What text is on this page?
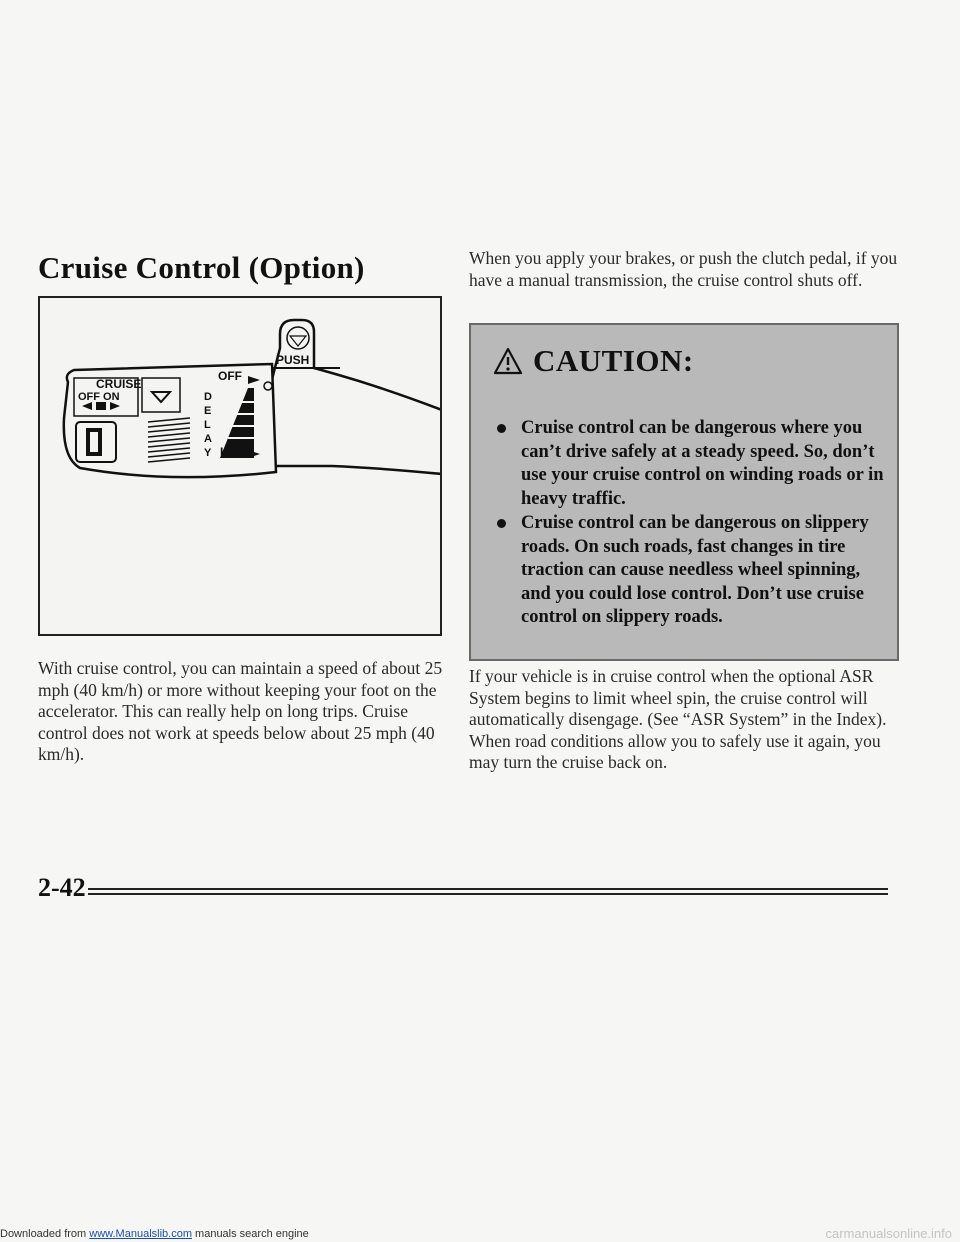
Cruise Control (Option)
CRUISE
OFF ON
OFF
D
E
L
A
Y LO
PUSH

With cruise control, you can maintain a speed of about 25 mph (40 km/h) or more without keeping your foot on the accelerator. This can really help on long trips. Cruise control does not work at speeds below about 25 mph (40 km/h).

When you apply your brakes, or push the clutch pedal, if you have a manual transmission, the cruise control shuts off.

CAUTION:
Cruise control can be dangerous where you can’t drive safely at a steady speed. So, don’t use your cruise control on winding roads or in heavy traffic.
Cruise control can be dangerous on slippery roads. On such roads, fast changes in tire traction can cause needless wheel spinning, and you could lose control. Don’t use cruise control on slippery roads.

If your vehicle is in cruise control when the optional ASR System begins to limit wheel spin, the cruise control will automatically disengage. (See “ASR System” in the Index). When road conditions allow you to safely use it again, you may turn the cruise back on.

2-42
Downloaded from www.Manualslib.com manuals search engine	carmanualsonline.info
